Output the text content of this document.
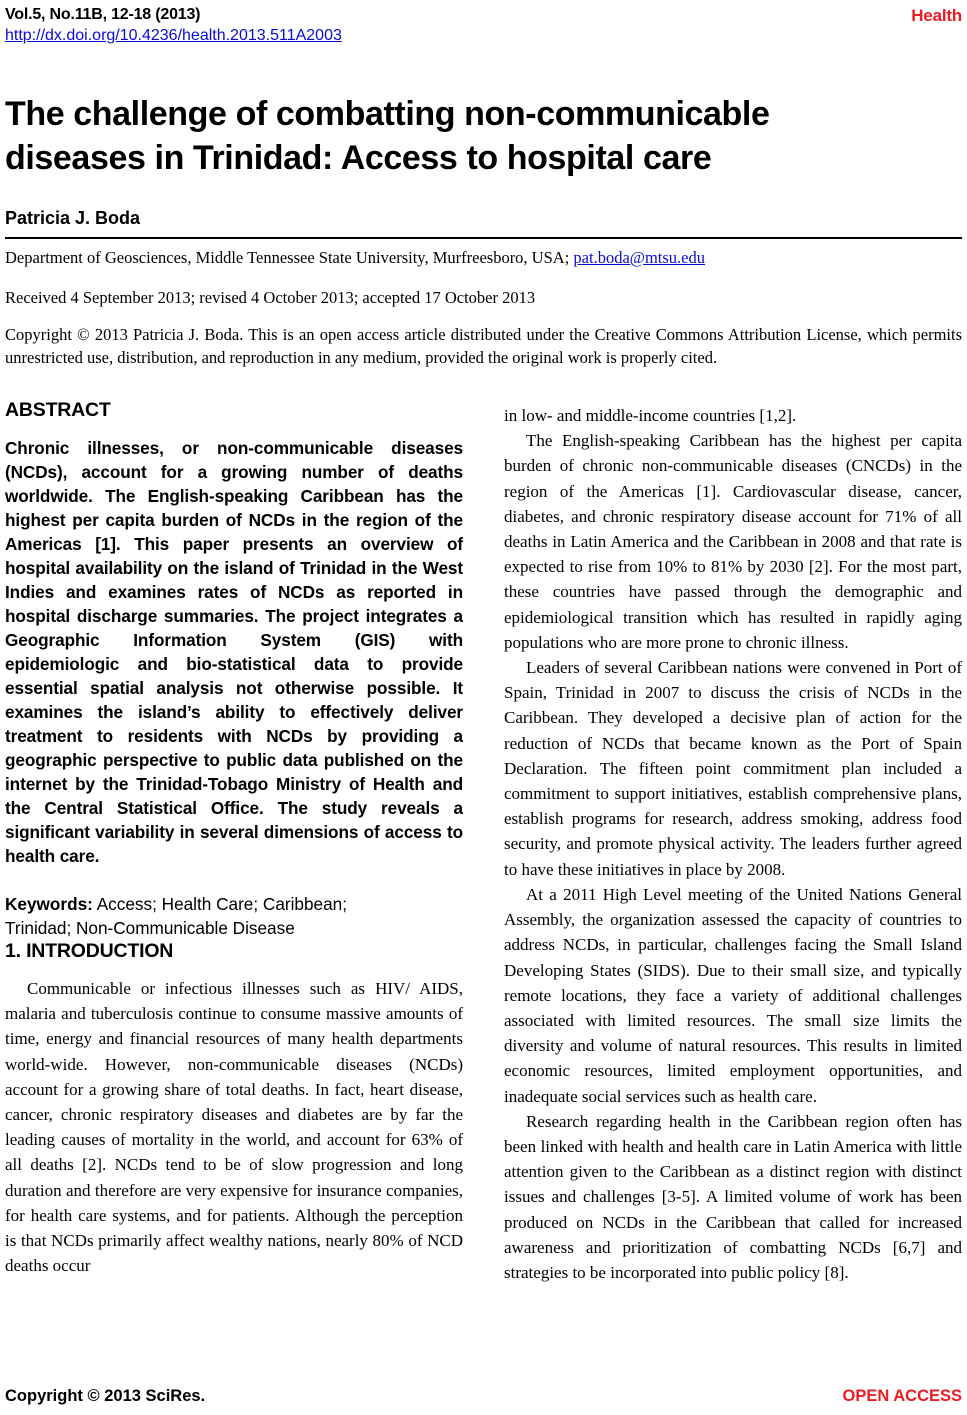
Vol.5, No.11B, 12-18 (2013)
http://dx.doi.org/10.4236/health.2013.511A2003
Health
The challenge of combatting non-communicable
diseases in Trinidad: Access to hospital care
Patricia J. Boda

Department of Geosciences, Middle Tennessee State University, Murfreesboro, USA; pat.boda@mtsu.edu

Received 4 September 2013; revised 4 October 2013; accepted 17 October 2013

Copyright © 2013 Patricia J. Boda. This is an open access article distributed under the Creative Commons Attribution License, which permits unrestricted use, distribution, and reproduction in any medium, provided the original work is properly cited.

ABSTRACT

Chronic illnesses, or non-communicable diseases (NCDs), account for a growing number of deaths worldwide. The English-speaking Caribbean has the highest per capita burden of NCDs in the region of the Americas [1]. This paper presents an overview of hospital availability on the island of Trinidad in the West Indies and examines rates of NCDs as reported in hospital discharge summaries. The project integrates a Geographic Information System (GIS) with epidemiologic and bio-statistical data to provide essential spatial analysis not otherwise possible. It examines the island’s ability to effectively deliver treatment to residents with NCDs by providing a geographic perspective to public data published on the internet by the Trinidad-Tobago Ministry of Health and the Central Statistical Office. The study reveals a significant variability in several dimensions of access to health care.

Keywords: Access; Health Care; Caribbean;
Trinidad; Non-Communicable Disease

1. INTRODUCTION

Communicable or infectious illnesses such as HIV/ AIDS, malaria and tuberculosis continue to consume massive amounts of time, energy and financial resources of many health departments world-wide. However, non-communicable diseases (NCDs) account for a growing share of total deaths. In fact, heart disease, cancer, chronic respiratory diseases and diabetes are by far the leading causes of mortality in the world, and account for 63% of all deaths [2]. NCDs tend to be of slow progression and long duration and therefore are very expensive for insurance companies, for health care systems, and for patients. Although the perception is that NCDs primarily affect wealthy nations, nearly 80% of NCD deaths occur

in low- and middle-income countries [1,2].

The English-speaking Caribbean has the highest per capita burden of chronic non-communicable diseases (CNCDs) in the region of the Americas [1]. Cardiovascular disease, cancer, diabetes, and chronic respiratory disease account for 71% of all deaths in Latin America and the Caribbean in 2008 and that rate is expected to rise from 10% to 81% by 2030 [2]. For the most part, these countries have passed through the demographic and epidemiological transition which has resulted in rapidly aging populations who are more prone to chronic illness.

Leaders of several Caribbean nations were convened in Port of Spain, Trinidad in 2007 to discuss the crisis of NCDs in the Caribbean. They developed a decisive plan of action for the reduction of NCDs that became known as the Port of Spain Declaration. The fifteen point commitment plan included a commitment to support initiatives, establish comprehensive plans, establish programs for research, address smoking, address food security, and promote physical activity. The leaders further agreed to have these initiatives in place by 2008.

At a 2011 High Level meeting of the United Nations General Assembly, the organization assessed the capacity of countries to address NCDs, in particular, challenges facing the Small Island Developing States (SIDS). Due to their small size, and typically remote locations, they face a variety of additional challenges associated with limited resources. The small size limits the diversity and volume of natural resources. This results in limited economic resources, limited employment opportunities, and inadequate social services such as health care.

Research regarding health in the Caribbean region often has been linked with health and health care in Latin America with little attention given to the Caribbean as a distinct region with distinct issues and challenges [3-5]. A limited volume of work has been produced on NCDs in the Caribbean that called for increased awareness and prioritization of combatting NCDs [6,7] and strategies to be incorporated into public policy [8].

Copyright © 2013 SciRes.	OPEN ACCESS
